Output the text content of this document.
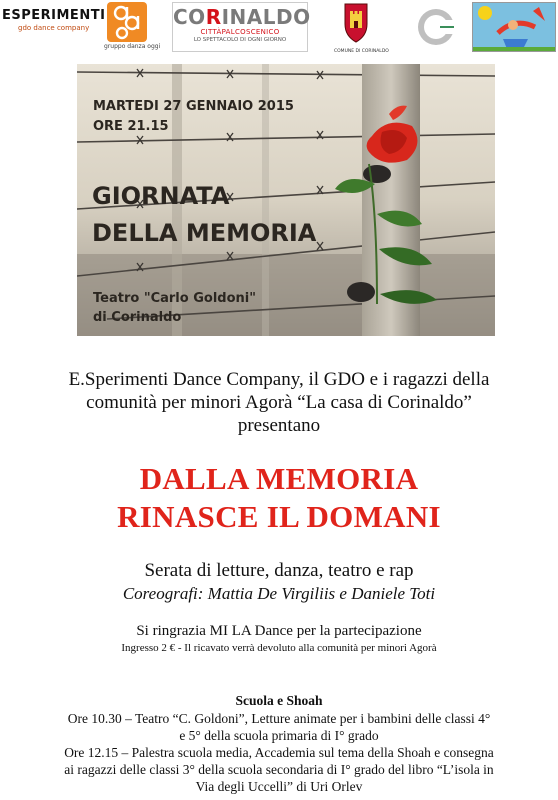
ESPERIMENTI
gdo dance company
gruppo danza oggi
CORINALDO
CITTÀPALCOSCENICO
LO SPETTACOLO DI OGNI GIORNO
COMUNE DI CORINALDO
MARTEDI 27 GENNAIO 2015
ORE 21.15
GIORNATA
DELLA MEMORIA
Teatro "Carlo Goldoni"
di Corinaldo
E.Sperimenti Dance Company, il GDO e i ragazzi della
comunità per minori Agorà “La casa di Corinaldo”
presentano
DALLA MEMORIA
RINASCE IL DOMANI
Serata di letture, danza, teatro e rap
Coreografi: Mattia De Virgiliis e Daniele Toti
Si ringrazia MI LA Dance per la partecipazione
Ingresso 2 € - Il ricavato verrà devoluto alla comunità per minori Agorà
Scuola e Shoah
Ore 10.30 – Teatro “C. Goldoni”, Letture animate per i bambini delle classi 4°
e 5° della scuola primaria di I° grado
Ore 12.15 – Palestra scuola media, Accademia sul tema della Shoah e consegna
ai ragazzi delle classi 3° della scuola secondaria di I° grado del libro “L’isola in
Via degli Uccelli” di Uri Orlev
